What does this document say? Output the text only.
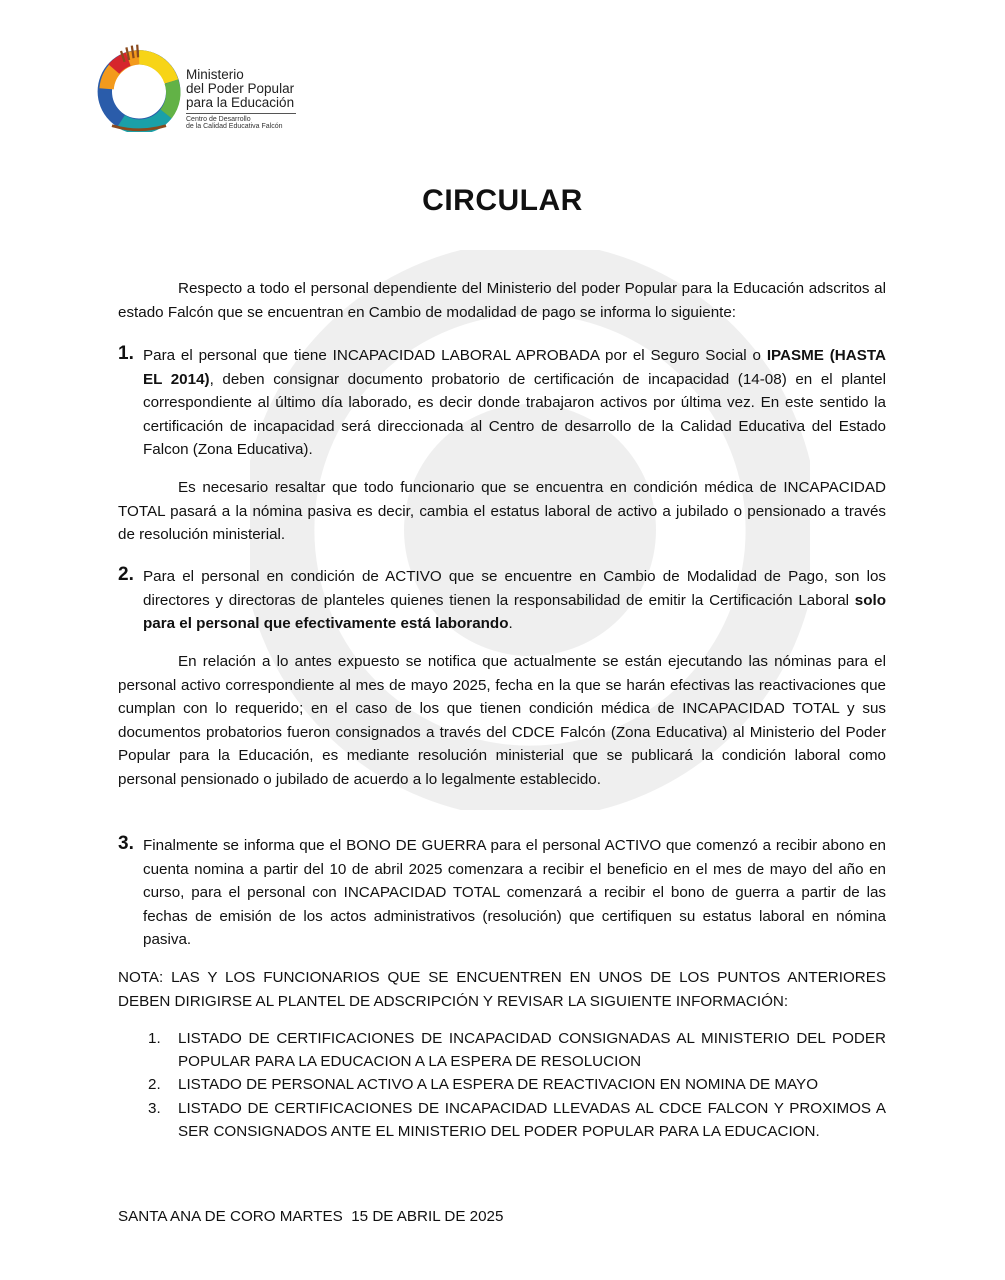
Ministerio
del Poder Popular
para la Educación
Centro de Desarrollo
de la Calidad Educativa Falcón
CIRCULAR

Respecto a todo el personal dependiente del Ministerio del poder Popular para la Educación adscritos al estado Falcón que se encuentran en Cambio de modalidad de pago se informa lo siguiente:

1. Para el personal que tiene INCAPACIDAD LABORAL APROBADA por el Seguro Social o IPASME (HASTA EL 2014), deben consignar documento probatorio de certificación de incapacidad (14-08) en el plantel correspondiente al último día laborado, es decir donde trabajaron activos por última vez. En este sentido la certificación de incapacidad será direccionada al Centro de desarrollo de la Calidad Educativa del Estado Falcon (Zona Educativa).

Es necesario resaltar que todo funcionario que se encuentra en condición médica de INCAPACIDAD TOTAL pasará a la nómina pasiva es decir, cambia el estatus laboral de activo a jubilado o pensionado a través de resolución ministerial.

2. Para el personal en condición de ACTIVO que se encuentre en Cambio de Modalidad de Pago, son los directores y directoras de planteles quienes tienen la responsabilidad de emitir la Certificación Laboral solo para el personal que efectivamente está laborando.

En relación a lo antes expuesto se notifica que actualmente se están ejecutando las nóminas para el personal activo correspondiente al mes de mayo 2025, fecha en la que se harán efectivas las reactivaciones que cumplan con lo requerido; en el caso de los que tienen condición médica de INCAPACIDAD TOTAL y sus documentos probatorios fueron consignados a través del CDCE Falcón (Zona Educativa) al Ministerio del Poder Popular para la Educación, es mediante resolución ministerial que se publicará la condición laboral como personal pensionado o jubilado de acuerdo a lo legalmente establecido.

3. Finalmente se informa que el BONO DE GUERRA para el personal ACTIVO que comenzó a recibir abono en cuenta nomina a partir del 10 de abril 2025 comenzara a recibir el beneficio en el mes de mayo del año en curso, para el personal con INCAPACIDAD TOTAL comenzará a recibir el bono de guerra a partir de las fechas de emisión de los actos administrativos (resolución) que certifiquen su estatus laboral en nómina pasiva.

NOTA: LAS Y LOS FUNCIONARIOS QUE SE ENCUENTREN EN UNOS DE LOS PUNTOS ANTERIORES DEBEN DIRIGIRSE AL PLANTEL DE ADSCRIPCIÓN Y REVISAR LA SIGUIENTE INFORMACIÓN:

1. LISTADO DE CERTIFICACIONES DE INCAPACIDAD CONSIGNADAS AL MINISTERIO DEL PODER POPULAR PARA LA EDUCACION A LA ESPERA DE RESOLUCION
2. LISTADO DE PERSONAL ACTIVO A LA ESPERA DE REACTIVACION EN NOMINA DE MAYO
3. LISTADO DE CERTIFICACIONES DE INCAPACIDAD LLEVADAS AL CDCE FALCON Y PROXIMOS A SER CONSIGNADOS ANTE EL MINISTERIO DEL PODER POPULAR PARA LA EDUCACION.
SANTA ANA DE CORO MARTES  15 DE ABRIL DE 2025
